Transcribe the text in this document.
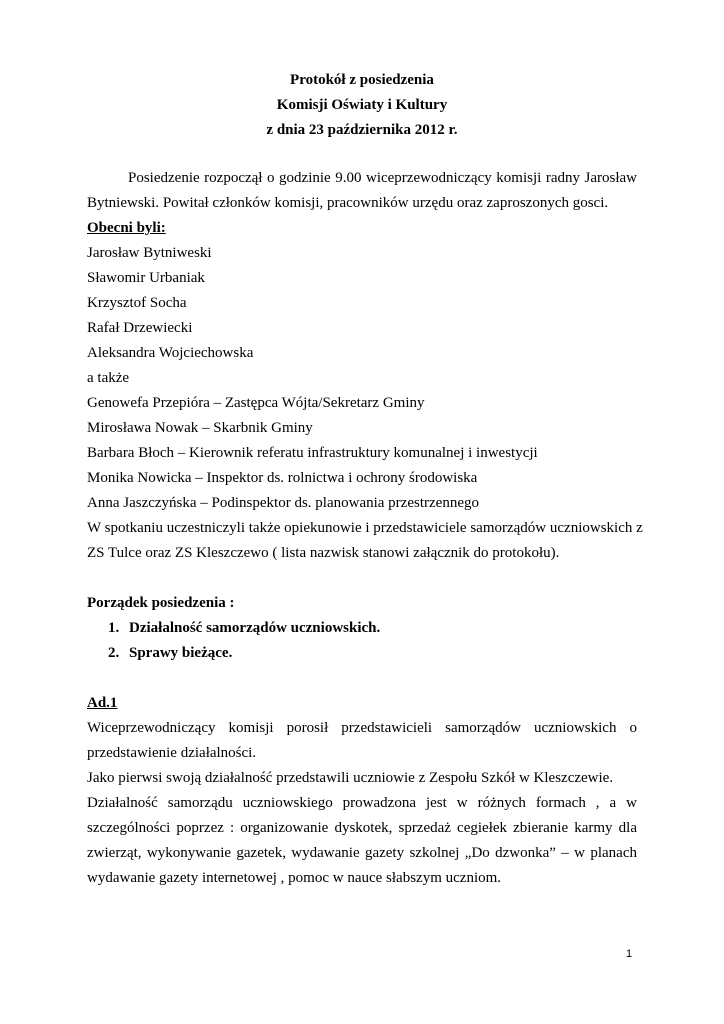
Protokół z posiedzenia
Komisji Oświaty i Kultury
z dnia 23 października 2012 r.
Posiedzenie rozpoczął o godzinie 9.00 wiceprzewodniczący komisji radny Jarosław
Bytniewski. Powitał członków komisji, pracowników urzędu oraz zaproszonych gosci.
Obecni byli:
Jarosław Bytniweski
Sławomir Urbaniak
Krzysztof Socha
Rafał Drzewiecki
Aleksandra Wojciechowska
a także
Genowefa Przepióra – Zastępca Wójta/Sekretarz Gminy
Mirosława Nowak – Skarbnik Gminy
Barbara Błoch – Kierownik referatu infrastruktury komunalnej i inwestycji
Monika Nowicka – Inspektor ds. rolnictwa i ochrony środowiska
Anna Jaszczyńska – Podinspektor ds. planowania przestrzennego
W spotkaniu uczestniczyli także opiekunowie i przedstawiciele samorządów uczniowskich z
ZS Tulce oraz ZS Kleszczewo ( lista nazwisk stanowi załącznik do protokołu).
Porządek posiedzenia :
1. Działalność samorządów uczniowskich.
2. Sprawy bieżące.
Ad.1
Wiceprzewodniczący komisji porosił przedstawicieli samorządów uczniowskich o
przedstawienie działalności.
Jako pierwsi swoją działalność przedstawili uczniowie z Zespołu Szkół w Kleszczewie.
Działalność samorządu uczniowskiego prowadzona jest w różnych formach , a w
szczególności poprzez : organizowanie dyskotek, sprzedaż cegiełek zbieranie karmy dla
zwierząt, wykonywanie gazetek, wydawanie gazety szkolnej „Do dzwonka” – w planach
wydawanie gazety internetowej , pomoc w nauce słabszym uczniom.
1
